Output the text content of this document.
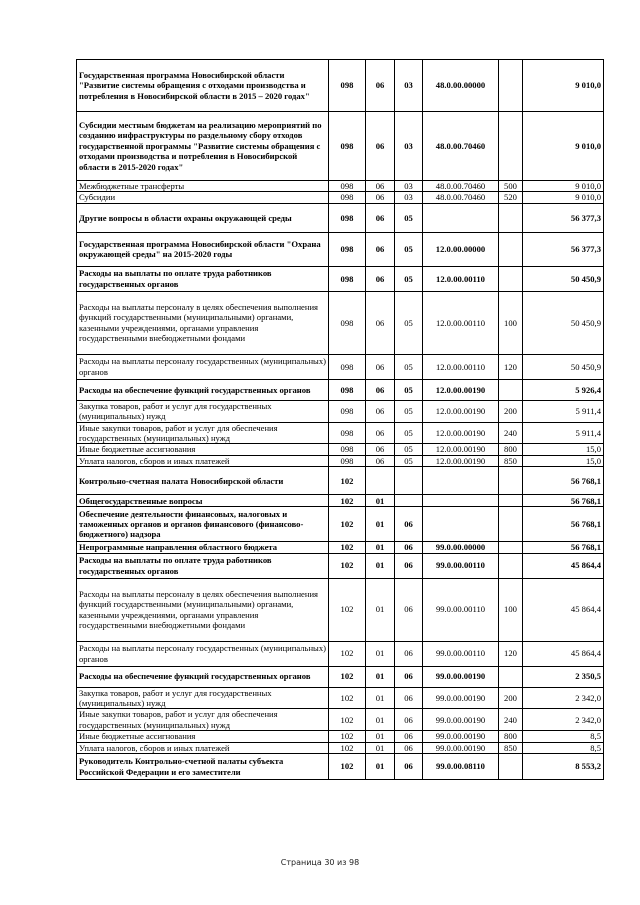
Государственная программа Новосибирской области "Развитие системы обращения с отходами производства и потребления в Новосибирской области в 2015 – 2020 годах"	098	06	03	48.0.00.00000		9 010,0
Субсидии местным бюджетам на реализацию мероприятий по созданию инфраструктуры по раздельному сбору отходов государственной программы "Развитие системы обращения с отходами производства и потребления в Новосибирской области в 2015-2020 годах"	098	06	03	48.0.00.70460		9 010,0
Межбюджетные трансферты	098	06	03	48.0.00.70460	500	9 010,0
Субсидии	098	06	03	48.0.00.70460	520	9 010,0
Другие вопросы в области охраны окружающей среды	098	06	05			56 377,3
Государственная программа Новосибирской области "Охрана окружающей среды" на 2015-2020 годы	098	06	05	12.0.00.00000		56 377,3
Расходы на выплаты по оплате труда работников государственных органов	098	06	05	12.0.00.00110		50 450,9
Расходы на выплаты персоналу в целях обеспечения выполнения функций государственными (муниципальными) органами, казенными учреждениями, органами управления государственными внебюджетными фондами	098	06	05	12.0.00.00110	100	50 450,9
Расходы на выплаты персоналу государственных (муниципальных) органов	098	06	05	12.0.00.00110	120	50 450,9
Расходы на обеспечение функций государственных органов	098	06	05	12.0.00.00190		5 926,4
Закупка товаров, работ и услуг для государственных (муниципальных) нужд	098	06	05	12.0.00.00190	200	5 911,4
Иные закупки товаров, работ и услуг для обеспечения государственных (муниципальных) нужд	098	06	05	12.0.00.00190	240	5 911,4
Иные бюджетные ассигнования	098	06	05	12.0.00.00190	800	15,0
Уплата налогов, сборов и иных платежей	098	06	05	12.0.00.00190	850	15,0
Контрольно-счетная палата Новосибирской области	102					56 768,1
Общегосударственные вопросы	102	01				56 768,1
Обеспечение деятельности финансовых, налоговых и таможенных органов и органов финансового (финансово-бюджетного) надзора	102	01	06			56 768,1
Непрограммные направления областного бюджета	102	01	06	99.0.00.00000		56 768,1
Расходы на выплаты по оплате труда работников государственных органов	102	01	06	99.0.00.00110		45 864,4
Расходы на выплаты персоналу в целях обеспечения выполнения функций государственными (муниципальными) органами, казенными учреждениями, органами управления государственными внебюджетными фондами	102	01	06	99.0.00.00110	100	45 864,4
Расходы на выплаты персоналу государственных (муниципальных) органов	102	01	06	99.0.00.00110	120	45 864,4
Расходы на обеспечение функций государственных органов	102	01	06	99.0.00.00190		2 350,5
Закупка товаров, работ и услуг для государственных (муниципальных) нужд	102	01	06	99.0.00.00190	200	2 342,0
Иные закупки товаров, работ и услуг для обеспечения государственных (муниципальных) нужд	102	01	06	99.0.00.00190	240	2 342,0
Иные бюджетные ассигнования	102	01	06	99.0.00.00190	800	8,5
Уплата налогов, сборов и иных платежей	102	01	06	99.0.00.00190	850	8,5
Руководитель Контрольно-счетной палаты субъекта Российской Федерации и его заместители	102	01	06	99.0.00.08110		8 553,2
Страница 30 из 98
